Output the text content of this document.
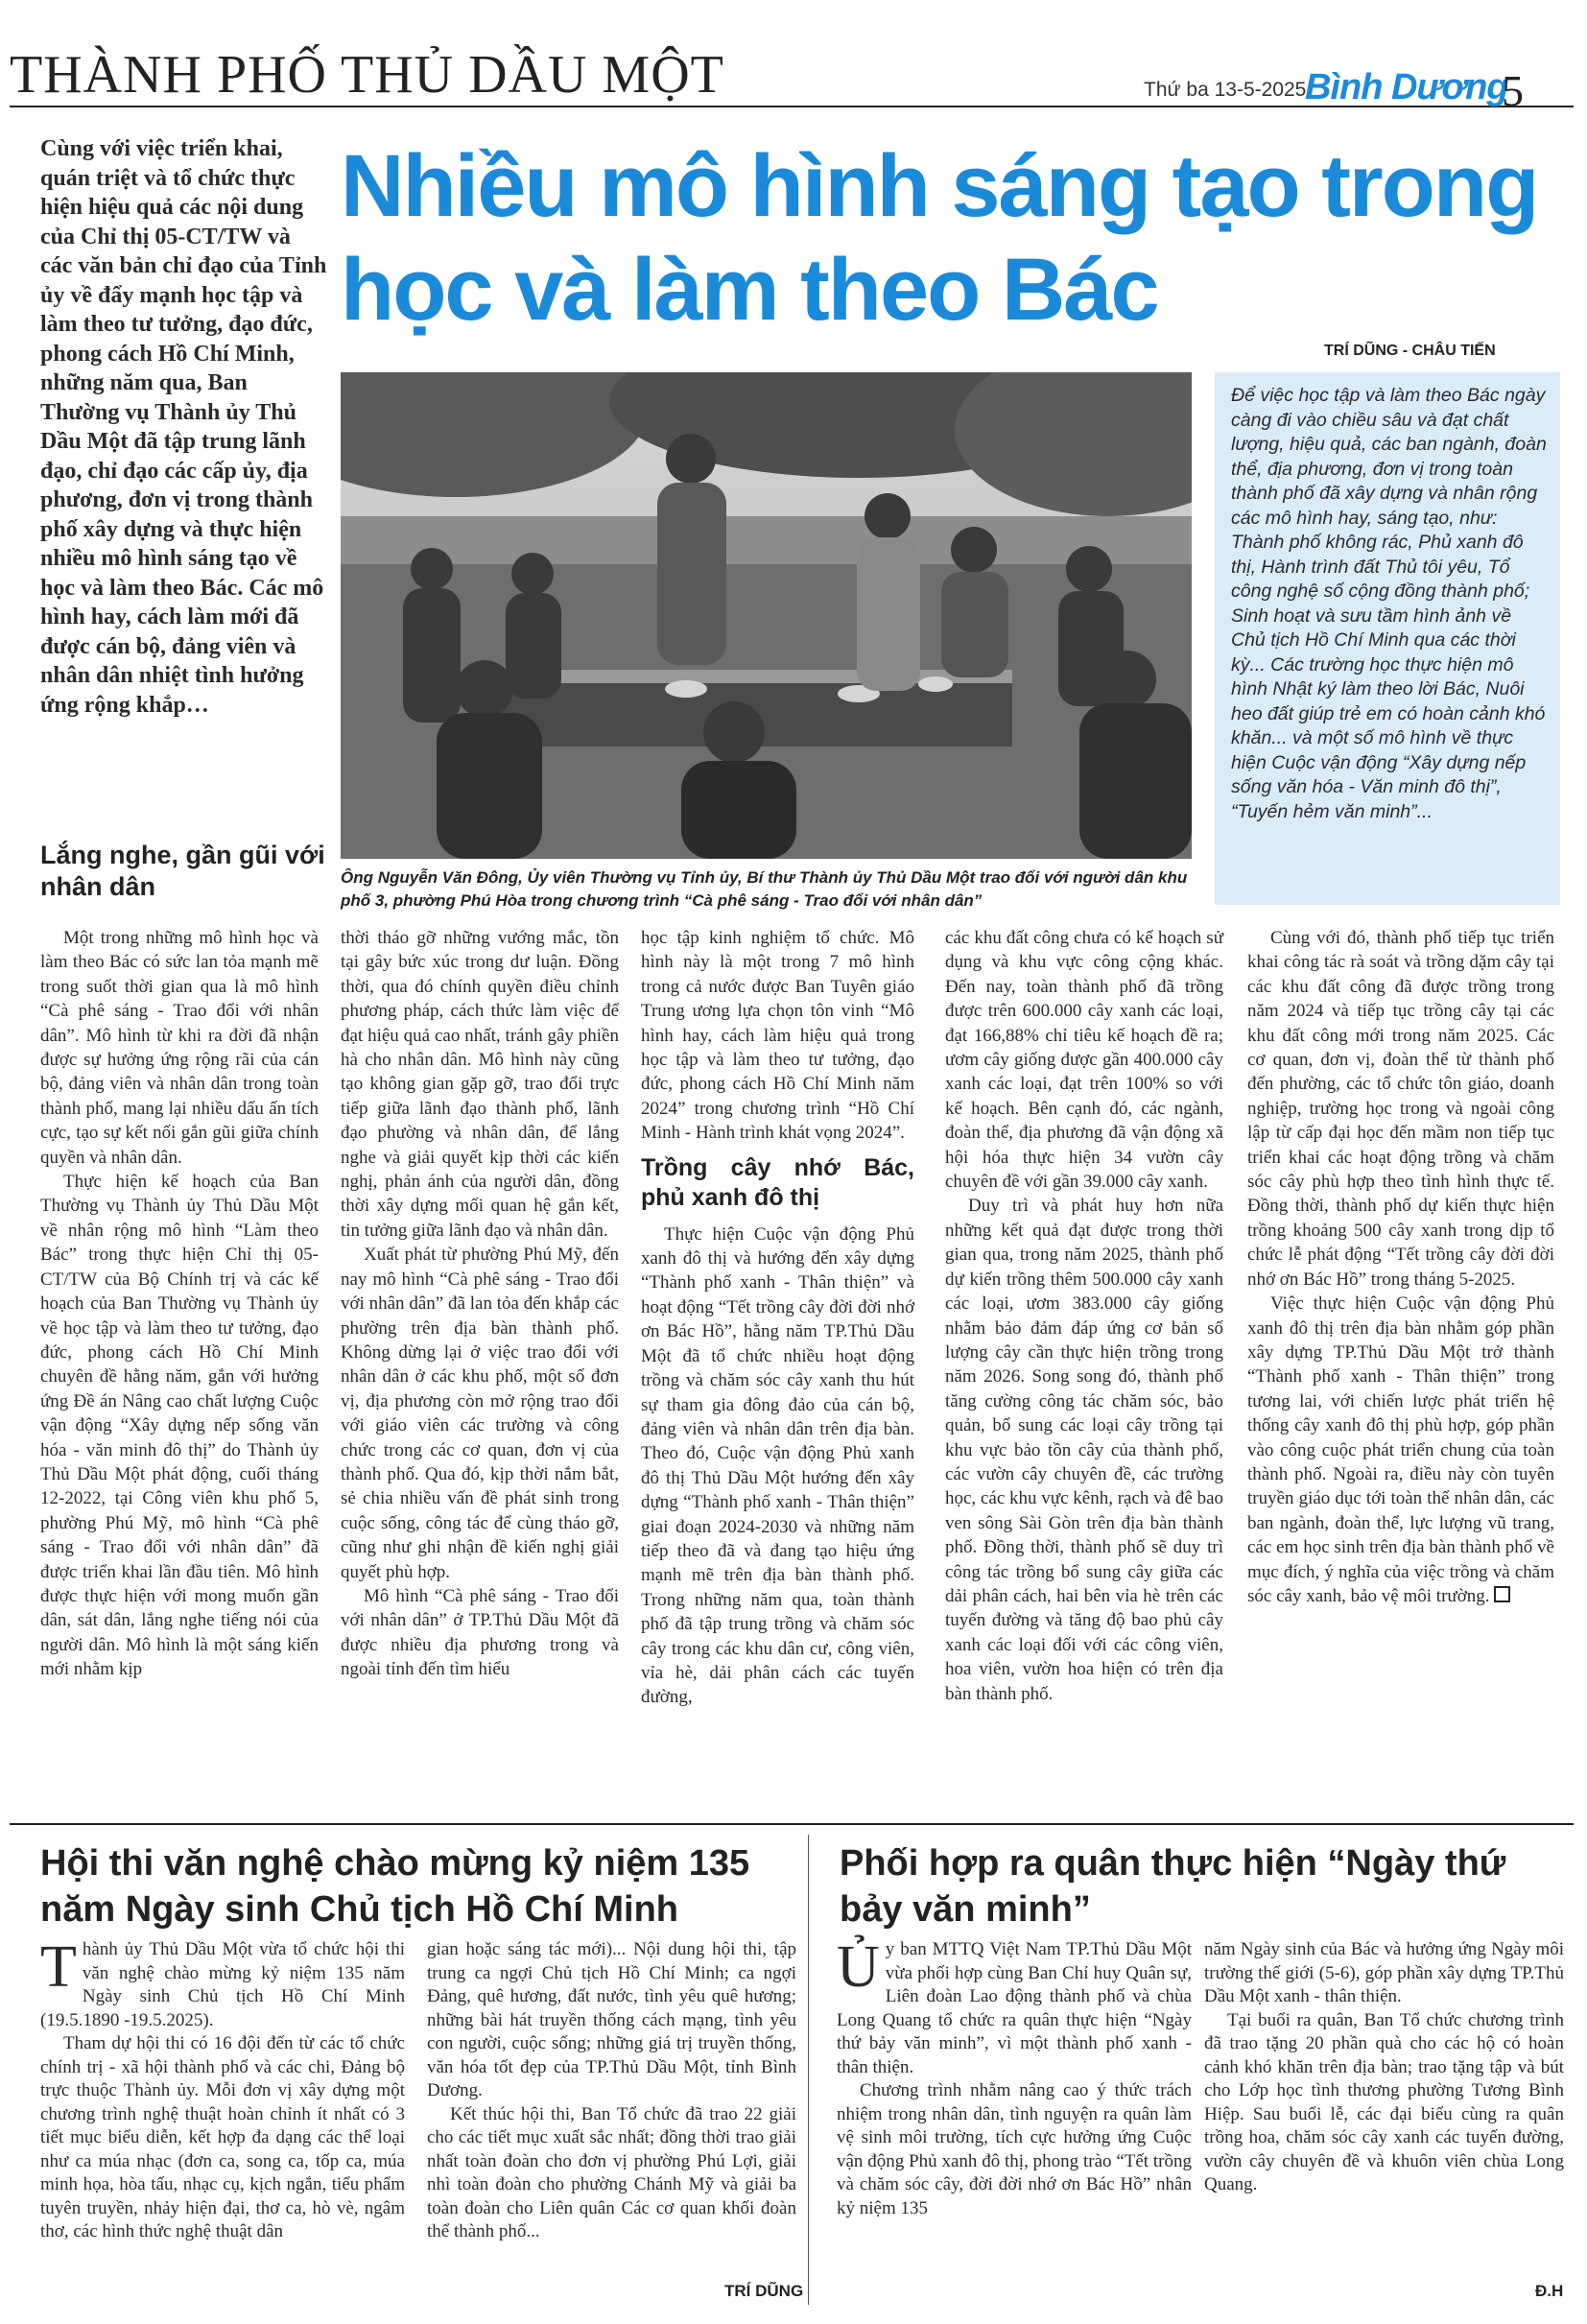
THÀNH PHỐ THỦ DẦU MỘT	Thứ ba 13-5-2025
Bình Dương
5
Cùng với việc triển khai, quán triệt và tổ chức thực hiện hiệu quả các nội dung của Chỉ thị 05-CT/TW và các văn bản chỉ đạo của Tỉnh ủy về đẩy mạnh học tập và làm theo tư tưởng, đạo đức, phong cách Hồ Chí Minh, những năm qua, Ban Thường vụ Thành ủy Thủ Dầu Một đã tập trung lãnh đạo, chỉ đạo các cấp ủy, địa phương, đơn vị trong thành phố xây dựng và thực hiện nhiều mô hình sáng tạo về học và làm theo Bác. Các mô hình hay, cách làm mới đã được cán bộ, đảng viên và nhân dân nhiệt tình hưởng ứng rộng khắp…
Nhiều mô hình sáng tạo trong học và làm theo Bác
TRÍ DŨNG - CHÂU TIẾN
Ông Nguyễn Văn Đông, Ủy viên Thường vụ Tỉnh ủy, Bí thư Thành ủy Thủ Dầu Một trao đổi với người dân khu phố 3, phường Phú Hòa trong chương trình “Cà phê sáng - Trao đổi với nhân dân”
Để việc học tập và làm theo Bác ngày càng đi vào chiều sâu và đạt chất lượng, hiệu quả, các ban ngành, đoàn thể, địa phương, đơn vị trong toàn thành phố đã xây dựng và nhân rộng các mô hình hay, sáng tạo, như: Thành phố không rác, Phủ xanh đô thị, Hành trình đất Thủ tôi yêu, Tổ công nghệ số cộng đồng thành phố; Sinh hoạt và sưu tầm hình ảnh về Chủ tịch Hồ Chí Minh qua các thời kỳ... Các trường học thực hiện mô hình Nhật ký làm theo lời Bác, Nuôi heo đất giúp trẻ em có hoàn cảnh khó khăn... và một số mô hình về thực hiện Cuộc vận động “Xây dựng nếp sống văn hóa - Văn minh đô thị”, “Tuyến hẻm văn minh”...
Lắng nghe, gần gũi với nhân dân

Một trong những mô hình học và làm theo Bác có sức lan tỏa mạnh mẽ trong suốt thời gian qua là mô hình “Cà phê sáng - Trao đổi với nhân dân”. Mô hình từ khi ra đời đã nhận được sự hưởng ứng rộng rãi của cán bộ, đảng viên và nhân dân trong toàn thành phố, mang lại nhiều dấu ấn tích cực, tạo sự kết nối gắn gũi giữa chính quyền và nhân dân.

Thực hiện kế hoạch của Ban Thường vụ Thành ủy Thủ Dầu Một về nhân rộng mô hình “Làm theo Bác” trong thực hiện Chỉ thị 05-CT/TW của Bộ Chính trị và các kế hoạch của Ban Thường vụ Thành ủy về học tập và làm theo tư tưởng, đạo đức, phong cách Hồ Chí Minh chuyên đề hằng năm, gắn với hưởng ứng Đề án Nâng cao chất lượng Cuộc vận động “Xây dựng nếp sống văn hóa - văn minh đô thị” do Thành ủy Thủ Dầu Một phát động, cuối tháng 12-2022, tại Công viên khu phố 5, phường Phú Mỹ, mô hình “Cà phê sáng - Trao đổi với nhân dân” đã được triển khai lần đầu tiên. Mô hình được thực hiện với mong muốn gần dân, sát dân, lắng nghe tiếng nói của người dân. Mô hình là một sáng kiến mới nhằm kịp

thời tháo gỡ những vướng mắc, tồn tại gây bức xúc trong dư luận. Đồng thời, qua đó chính quyền điều chỉnh phương pháp, cách thức làm việc để đạt hiệu quả cao nhất, tránh gây phiền hà cho nhân dân. Mô hình này cũng tạo không gian gặp gỡ, trao đổi trực tiếp giữa lãnh đạo thành phố, lãnh đạo phường và nhân dân, để lắng nghe và giải quyết kịp thời các kiến nghị, phản ánh của người dân, đồng thời xây dựng mối quan hệ gắn kết, tin tưởng giữa lãnh đạo và nhân dân.

Xuất phát từ phường Phú Mỹ, đến nay mô hình “Cà phê sáng - Trao đổi với nhân dân” đã lan tỏa đến khắp các phường trên địa bàn thành phố. Không dừng lại ở việc trao đổi với nhân dân ở các khu phố, một số đơn vị, địa phương còn mở rộng trao đổi với giáo viên các trường và công chức trong các cơ quan, đơn vị của thành phố. Qua đó, kịp thời nắm bắt, sẻ chia nhiều vấn đề phát sinh trong cuộc sống, công tác để cùng tháo gỡ, cũng như ghi nhận đề kiến nghị giải quyết phù hợp.

Mô hình “Cà phê sáng - Trao đổi với nhân dân” ở TP.Thủ Dầu Một đã được nhiều địa phương trong và ngoài tỉnh đến tìm hiểu

học tập kinh nghiệm tổ chức. Mô hình này là một trong 7 mô hình trong cả nước được Ban Tuyên giáo Trung ương lựa chọn tôn vinh “Mô hình hay, cách làm hiệu quả trong học tập và làm theo tư tưởng, đạo đức, phong cách Hồ Chí Minh năm 2024” trong chương trình “Hồ Chí Minh - Hành trình khát vọng 2024”.

Trồng cây nhớ Bác, phủ xanh đô thị

Thực hiện Cuộc vận động Phủ xanh đô thị và hướng đến xây dựng “Thành phố xanh - Thân thiện” và hoạt động “Tết trồng cây đời đời nhớ ơn Bác Hồ”, hằng năm TP.Thủ Dầu Một đã tổ chức nhiều hoạt động trồng và chăm sóc cây xanh thu hút sự tham gia đông đảo của cán bộ, đảng viên và nhân dân trên địa bàn. Theo đó, Cuộc vận động Phủ xanh đô thị Thủ Dầu Một hướng đến xây dựng “Thành phố xanh - Thân thiện” giai đoạn 2024-2030 và những năm tiếp theo đã và đang tạo hiệu ứng mạnh mẽ trên địa bàn thành phố. Trong những năm qua, toàn thành phố đã tập trung trồng và chăm sóc cây trong các khu dân cư, công viên, vỉa hè, dải phân cách các tuyến đường,

các khu đất công chưa có kế hoạch sử dụng và khu vực công cộng khác. Đến nay, toàn thành phố đã trồng được trên 600.000 cây xanh các loại, đạt 166,88% chỉ tiêu kế hoạch đề ra; ươm cây giống được gần 400.000 cây xanh các loại, đạt trên 100% so với kế hoạch. Bên cạnh đó, các ngành, đoàn thể, địa phương đã vận động xã hội hóa thực hiện 34 vườn cây chuyên đề với gần 39.000 cây xanh.

Duy trì và phát huy hơn nữa những kết quả đạt được trong thời gian qua, trong năm 2025, thành phố dự kiến trồng thêm 500.000 cây xanh các loại, ươm 383.000 cây giống nhằm bảo đảm đáp ứng cơ bản số lượng cây cần thực hiện trồng trong năm 2026. Song song đó, thành phố tăng cường công tác chăm sóc, bảo quản, bổ sung các loại cây trồng tại khu vực bảo tồn cây của thành phố, các vườn cây chuyên đề, các trường học, các khu vực kênh, rạch và đê bao ven sông Sài Gòn trên địa bàn thành phố. Đồng thời, thành phố sẽ duy trì công tác trồng bổ sung cây giữa các dải phân cách, hai bên vỉa hè trên các tuyến đường và tăng độ bao phủ cây xanh các loại đối với các công viên, hoa viên, vườn hoa hiện có trên địa bàn thành phố.

Cùng với đó, thành phố tiếp tục triển khai công tác rà soát và trồng dặm cây tại các khu đất công đã được trồng trong năm 2024 và tiếp tục trồng cây tại các khu đất công mới trong năm 2025. Các cơ quan, đơn vị, đoàn thể từ thành phố đến phường, các tổ chức tôn giáo, doanh nghiệp, trường học trong và ngoài công lập từ cấp đại học đến mầm non tiếp tục triển khai các hoạt động trồng và chăm sóc cây phù hợp theo tình hình thực tế. Đồng thời, thành phố dự kiến thực hiện trồng khoảng 500 cây xanh trong dịp tổ chức lễ phát động “Tết trồng cây đời đời nhớ ơn Bác Hồ” trong tháng 5-2025.

Việc thực hiện Cuộc vận động Phủ xanh đô thị trên địa bàn nhằm góp phần xây dựng TP.Thủ Dầu Một trở thành “Thành phố xanh - Thân thiện” trong tương lai, với chiến lược phát triển hệ thống cây xanh đô thị phù hợp, góp phần vào công cuộc phát triển chung của toàn thành phố. Ngoài ra, điều này còn tuyên truyền giáo dục tới toàn thể nhân dân, các ban ngành, đoàn thể, lực lượng vũ trang, các em học sinh trên địa bàn thành phố về mục đích, ý nghĩa của việc trồng và chăm sóc cây xanh, bảo vệ môi trường.

Hội thi văn nghệ chào mừng kỷ niệm 135 năm Ngày sinh Chủ tịch Hồ Chí Minh

Thành ủy Thủ Dầu Một vừa tổ chức hội thi văn nghệ chào mừng kỷ niệm 135 năm Ngày sinh Chủ tịch Hồ Chí Minh (19.5.1890 -19.5.2025).

Tham dự hội thi có 16 đội đến từ các tổ chức chính trị - xã hội thành phố và các chi, Đảng bộ trực thuộc Thành ủy. Mỗi đơn vị xây dựng một chương trình nghệ thuật hoàn chỉnh ít nhất có 3 tiết mục biểu diễn, kết hợp đa dạng các thể loại như ca múa nhạc (đơn ca, song ca, tốp ca, múa minh họa, hòa tấu, nhạc cụ, kịch ngắn, tiểu phẩm tuyên truyền, nhảy hiện đại, thơ ca, hò vè, ngâm thơ, các hình thức nghệ thuật dân

gian hoặc sáng tác mới)... Nội dung hội thi, tập trung ca ngợi Chủ tịch Hồ Chí Minh; ca ngợi Đảng, quê hương, đất nước, tình yêu quê hương; những bài hát truyền thống cách mạng, tình yêu con người, cuộc sống; những giá trị truyền thống, văn hóa tốt đẹp của TP.Thủ Dầu Một, tỉnh Bình Dương.

Kết thúc hội thi, Ban Tổ chức đã trao 22 giải cho các tiết mục xuất sắc nhất; đồng thời trao giải nhất toàn đoàn cho đơn vị phường Phú Lợi, giải nhì toàn đoàn cho phường Chánh Mỹ và giải ba toàn đoàn cho Liên quân Các cơ quan khối đoàn thể thành phố...

TRÍ DŨNG
Phối hợp ra quân thực hiện “Ngày thứ bảy văn minh”

Ủy ban MTTQ Việt Nam TP.Thủ Dầu Một vừa phối hợp cùng Ban Chỉ huy Quân sự, Liên đoàn Lao động thành phố và chùa Long Quang tổ chức ra quân thực hiện “Ngày thứ bảy văn minh”, vì một thành phố xanh - thân thiện.

Chương trình nhằm nâng cao ý thức trách nhiệm trong nhân dân, tình nguyện ra quân làm vệ sinh môi trường, tích cực hưởng ứng Cuộc vận động Phủ xanh đô thị, phong trào “Tết trồng và chăm sóc cây, đời đời nhớ ơn Bác Hồ” nhân kỷ niệm 135

năm Ngày sinh của Bác và hưởng ứng Ngày môi trường thế giới (5-6), góp phần xây dựng TP.Thủ Dầu Một xanh - thân thiện.

Tại buổi ra quân, Ban Tổ chức chương trình đã trao tặng 20 phần quà cho các hộ có hoàn cảnh khó khăn trên địa bàn; trao tặng tập và bút cho Lớp học tình thương phường Tương Bình Hiệp. Sau buổi lễ, các đại biểu cùng ra quân trồng hoa, chăm sóc cây xanh các tuyến đường, vườn cây chuyên đề và khuôn viên chùa Long Quang.

Đ.H
